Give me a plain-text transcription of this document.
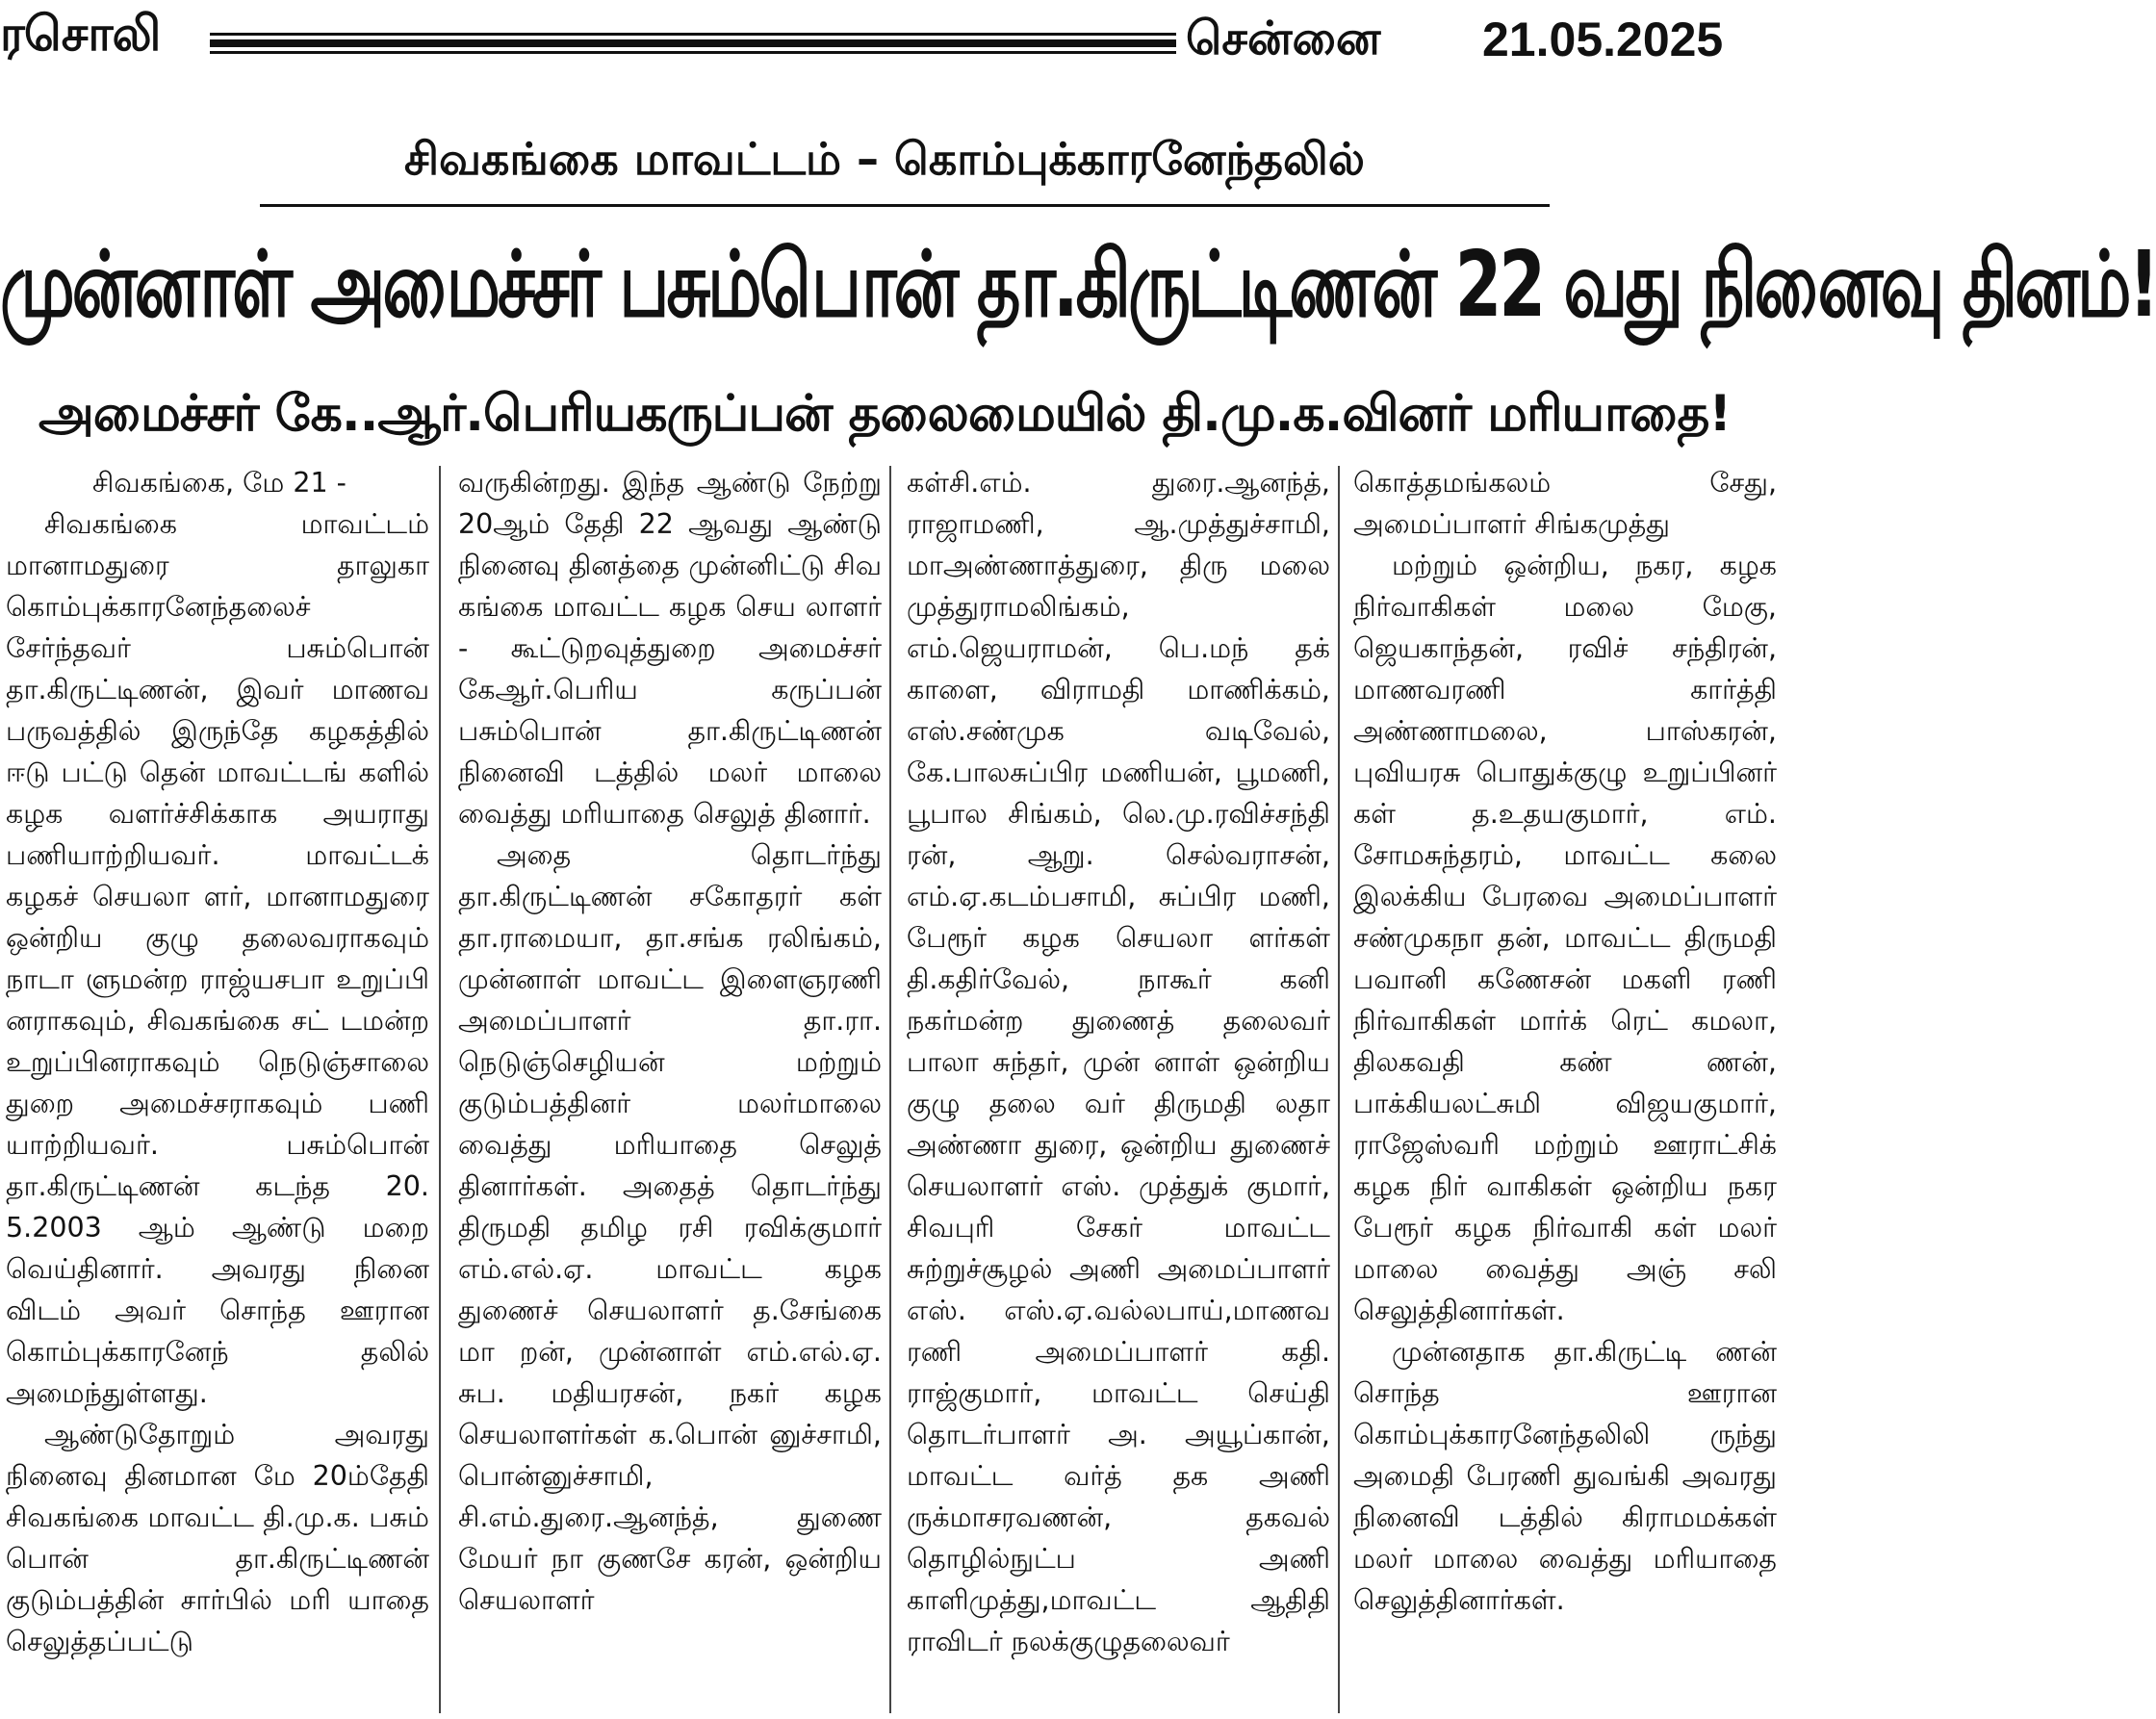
ரசொலி	சென்னை 21.05.2025
சிவகங்கை மாவட்டம் – கொம்புக்காரனேந்தலில்
முன்னாள் அமைச்சர் பசும்பொன் தா.கிருட்டிணன் 22 வது நினைவு தினம்!
அமைச்சர் கே..ஆர்.பெரியகருப்பன் தலைமையில் தி.மு.க.வினர் மரியாதை!

சிவகங்கை, மே 21 -

சிவகங்கை மாவட்டம் மானாமதுரை தாலுகா கொம்புக்காரனேந்தலைச் சேர்ந்தவர் பசும்பொன் தா.கிருட்டிணன், இவர் மாணவ பருவத்தில் இருந்தே கழகத்தில் ஈடு பட்டு தென் மாவட்டங் களில் கழக வளர்ச்சிக்காக அயராது பணியாற்றியவர். மாவட்டக் கழகச் செயலா ளர், மானாமதுரை ஒன்றிய குழு தலைவராகவும் நாடா ளுமன்ற ராஜ்யசபா உறுப்பி னராகவும், சிவகங்கை சட் டமன்ற உறுப்பினராகவும் நெடுஞ்சாலை துறை அமைச்சராகவும் பணி யாற்றியவர். பசும்பொன் தா.கிருட்டிணன் கடந்த 20. 5.2003 ஆம் ஆண்டு மறை வெய்தினார். அவரது நினை விடம் அவர் சொந்த ஊரான கொம்புக்காரனேந் தலில் அமைந்துள்ளது.

ஆண்டுதோறும் அவரது நினைவு தினமான மே 20ம்தேதி சிவகங்கை மாவட்ட தி.மு.க. பசும் பொன் தா.கிருட்டிணன் குடும்பத்தின் சார்பில் மரி யாதை செலுத்தப்பட்டு

வருகின்றது. இந்த ஆண்டு நேற்று 20ஆம் தேதி 22 ஆவது ஆண்டு நினைவு தினத்தை முன்னிட்டு சிவ கங்கை மாவட்ட கழக செய லாளர் - கூட்டுறவுத்துறை அமைச்சர் கேஆர்.பெரிய கருப்பன் பசும்பொன் தா.கிருட்டிணன் நினைவி டத்தில் மலர் மாலை வைத்து மரியாதை செலுத் தினார்.

அதை தொடர்ந்து தா.கிருட்டிணன் சகோதரர் கள் தா.ராமையா, தா.சங்க ரலிங்கம், முன்னாள் மாவட்ட இளைஞரணி அமைப்பாளர் தா.ரா. நெடுஞ்செழியன் மற்றும் குடும்பத்தினர் மலர்மாலை வைத்து மரியாதை செலுத் தினார்கள். அதைத் தொடர்ந்து திருமதி தமிழ ரசி ரவிக்குமார் எம்.எல்.ஏ. மாவட்ட கழக துணைச் செயலாளர் த.சேங்கை மா றன், முன்னாள் எம்.எல்.ஏ. சுப. மதியரசன், நகர் கழக செயலாளர்கள் க.பொன் னுச்சாமி, பொன்னுச்சாமி, சி.எம்.துரை.ஆனந்த், துணை மேயர் நா குணசே கரன், ஒன்றிய செயலாளர்

கள்சி.எம். துரை.ஆனந்த், ராஜாமணி, ஆ.முத்துச்சாமி, மாஅண்ணாத்துரை, திரு மலை முத்துராமலிங்கம், எம்.ஜெயராமன், பெ.மந் தக் காளை, விராமதி மாணிக்கம், எஸ்.சண்முக வடிவேல், கே.பாலசுப்பிர மணியன், பூமணி, பூபால சிங்கம், லெ.மு.ரவிச்சந்தி ரன், ஆறு. செல்வராசன், எம்.ஏ.கடம்பசாமி, சுப்பிர மணி, பேரூர் கழக செயலா ளர்கள் தி.கதிர்வேல், நாகூர் கனி நகர்மன்ற துணைத் தலைவர் பாலா சுந்தர், முன் னாள் ஒன்றிய குழு தலை வர் திருமதி லதா அண்ணா துரை, ஒன்றிய துணைச் செயலாளர் எஸ். முத்துக் குமார், சிவபுரி சேகர் மாவட்ட சுற்றுச்சூழல் அணி அமைப்பாளர் எஸ். எஸ்.ஏ.வல்லபாய்,மாணவ ரணி அமைப்பாளர் கதி. ராஜ்குமார், மாவட்ட செய்தி தொடர்பாளர் அ. அயூப்கான், மாவட்ட வர்த் தக அணி ருக்மாசரவணன், தகவல் தொழில்நுட்ப அணி காளிமுத்து,மாவட்ட ஆதிதி ராவிடர் நலக்குழுதலைவர்

கொத்தமங்கலம் சேது, அமைப்பாளர் சிங்கமுத்து

மற்றும் ஒன்றிய, நகர, கழக நிர்வாகிகள் மலை மேகு, ஜெயகாந்தன், ரவிச் சந்திரன், மாணவரணி கார்த்தி அண்ணாமலை, பாஸ்கரன், புவியரசு பொதுக்குழு உறுப்பினர் கள் த.உதயகுமார், எம். சோமசுந்தரம், மாவட்ட கலை இலக்கிய பேரவை அமைப்பாளர் சண்முகநா தன், மாவட்ட திருமதி பவானி கணேசன் மகளி ரணி நிர்வாகிகள் மார்க் ரெட் கமலா, திலகவதி கண் ணன், பாக்கியலட்சுமி விஜயகுமார், ராஜேஸ்வரி மற்றும் ஊராட்சிக் கழக நிர் வாகிகள் ஒன்றிய நகர பேரூர் கழக நிர்வாகி கள் மலர் மாலை வைத்து அஞ் சலி செலுத்தினார்கள்.

முன்னதாக தா.கிருட்டி ணன் சொந்த ஊரான கொம்புக்காரனேந்தலிலி ருந்து அமைதி பேரணி துவங்கி அவரது நினைவி டத்தில் கிராமமக்கள் மலர் மாலை வைத்து மரியாதை செலுத்தினார்கள்.
